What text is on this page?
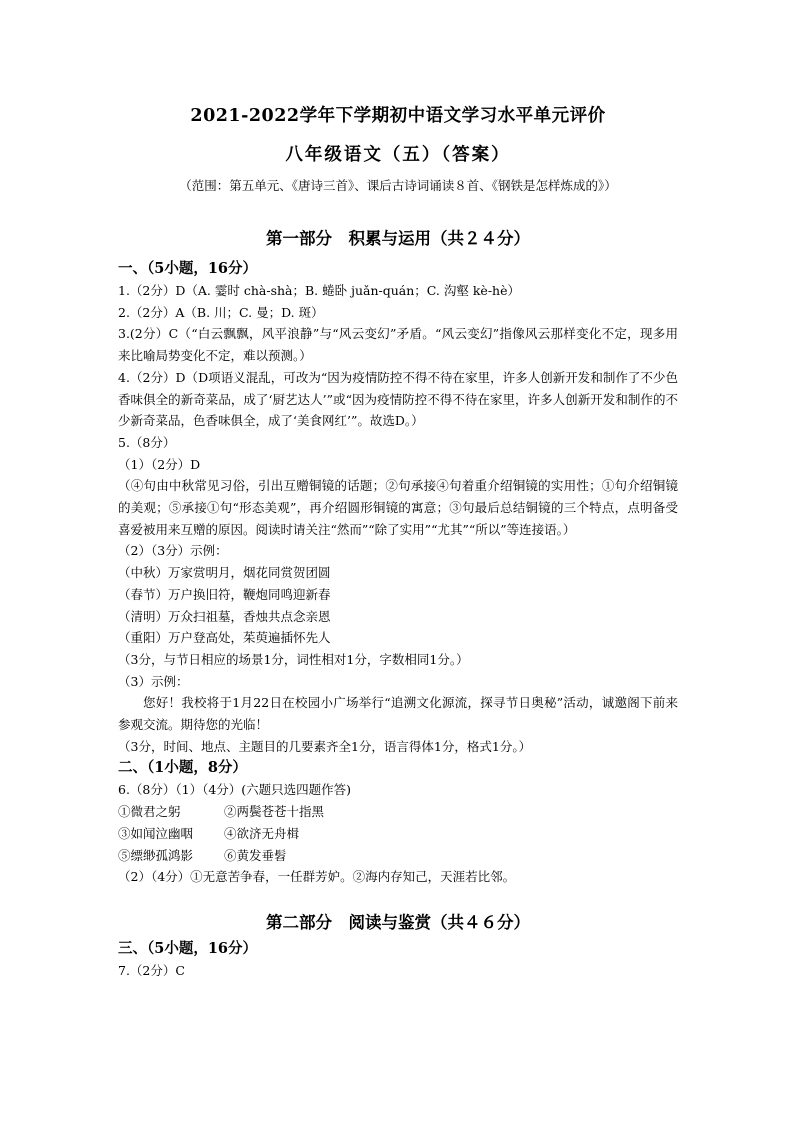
2021-2022学年下学期初中语文学习水平单元评价
八年级语文（五）（答案）
（范围：第五单元、《唐诗三首》、课后古诗词诵读８首、《钢铁是怎样炼成的》）
第一部分　积累与运用（共２４分）
一、（5小题，16分）
1.（2分）D（A. 霎时 chà-shà；B. 蜷卧 juǎn-quán；C. 沟壑 kè-hè）
2.（2分）A（B. 川；C. 曼；D. 斑）
3.(2分）C（“白云飘飘，风平浪静”与“风云变幻”矛盾。“风云变幻”指像风云那样变化不定，现多用来比喻局势变化不定，难以预测。）
4.（2分）D（D项语义混乱，可改为“因为疫情防控不得不待在家里，许多人创新开发和制作了不少色香味俱全的新奇菜品，成了‘厨艺达人’”或“因为疫情防控不得不待在家里，许多人创新开发和制作的不少新奇菜品，色香味俱全，成了‘美食网红’”。故选D。）
5.（8分）
（1）（2分）D
（④句由中秋常见习俗，引出互赠铜镜的话题；②句承接④句着重介绍铜镜的实用性；①句介绍铜镜的美观；⑤承接①句“形态美观”，再介绍圆形铜镜的寓意；③句最后总结铜镜的三个特点，点明备受喜爱被用来互赠的原因。阅读时请关注“然而”“除了实用”“尤其”“所以”等连接语。）
（2）（3分）示例：
（中秋）万家赏明月，烟花同赏贺团圆
（春节）万户换旧符，鞭炮同鸣迎新春
（清明）万众扫祖墓，香烛共点念亲恩
（重阳）万户登高处，茱萸遍插怀先人
（3分，与节日相应的场景1分，词性相对1分，字数相同1分。）
（3）示例：
您好！我校将于1月22日在校园小广场举行“追溯文化源流，探寻节日奥秘”活动，诚邀阁下前来参观交流。期待您的光临！
（3分，时间、地点、主题目的几要素齐全1分，语言得体1分，格式1分。）
二、（1小题，8分）
6.（8分）（1）（4分）(六题只选四题作答)
①微君之躬	②两鬓苍苍十指黑
③如闻泣幽咽	④欲济无舟楫
⑤缥缈孤鸿影	⑥黄发垂髫
（2）（4分）①无意苦争春，一任群芳妒。②海内存知己，天涯若比邻。
第二部分　阅读与鉴赏（共４６分）
三、（5小题，16分）
7.（2分）C
